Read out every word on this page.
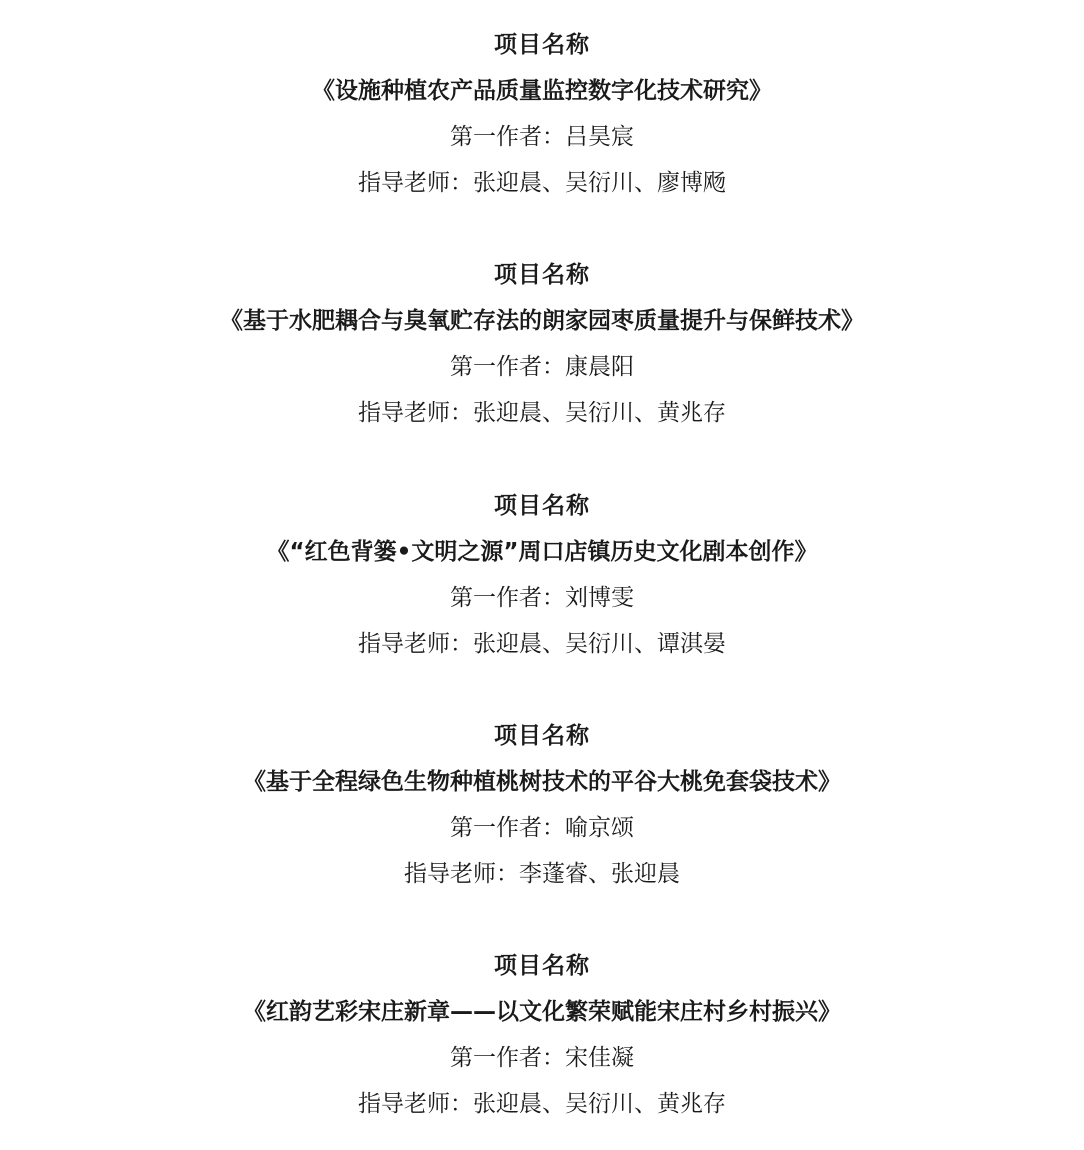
项目名称
《设施种植农产品质量监控数字化技术研究》
第一作者：吕昊宸
指导老师：张迎晨、吴衍川、廖博飏
项目名称
《基于水肥耦合与臭氧贮存法的朗家园枣质量提升与保鲜技术》
第一作者：康晨阳
指导老师：张迎晨、吴衍川、黄兆存
项目名称
《“红色背篓•文明之源”周口店镇历史文化剧本创作》
第一作者：刘博雯
指导老师：张迎晨、吴衍川、谭淇晏
项目名称
《基于全程绿色生物种植桃树技术的平谷大桃免套袋技术》
第一作者：喻京颂
指导老师：李蓬睿、张迎晨
项目名称
《红韵艺彩宋庄新章——以文化繁荣赋能宋庄村乡村振兴》
第一作者：宋佳凝
指导老师：张迎晨、吴衍川、黄兆存
